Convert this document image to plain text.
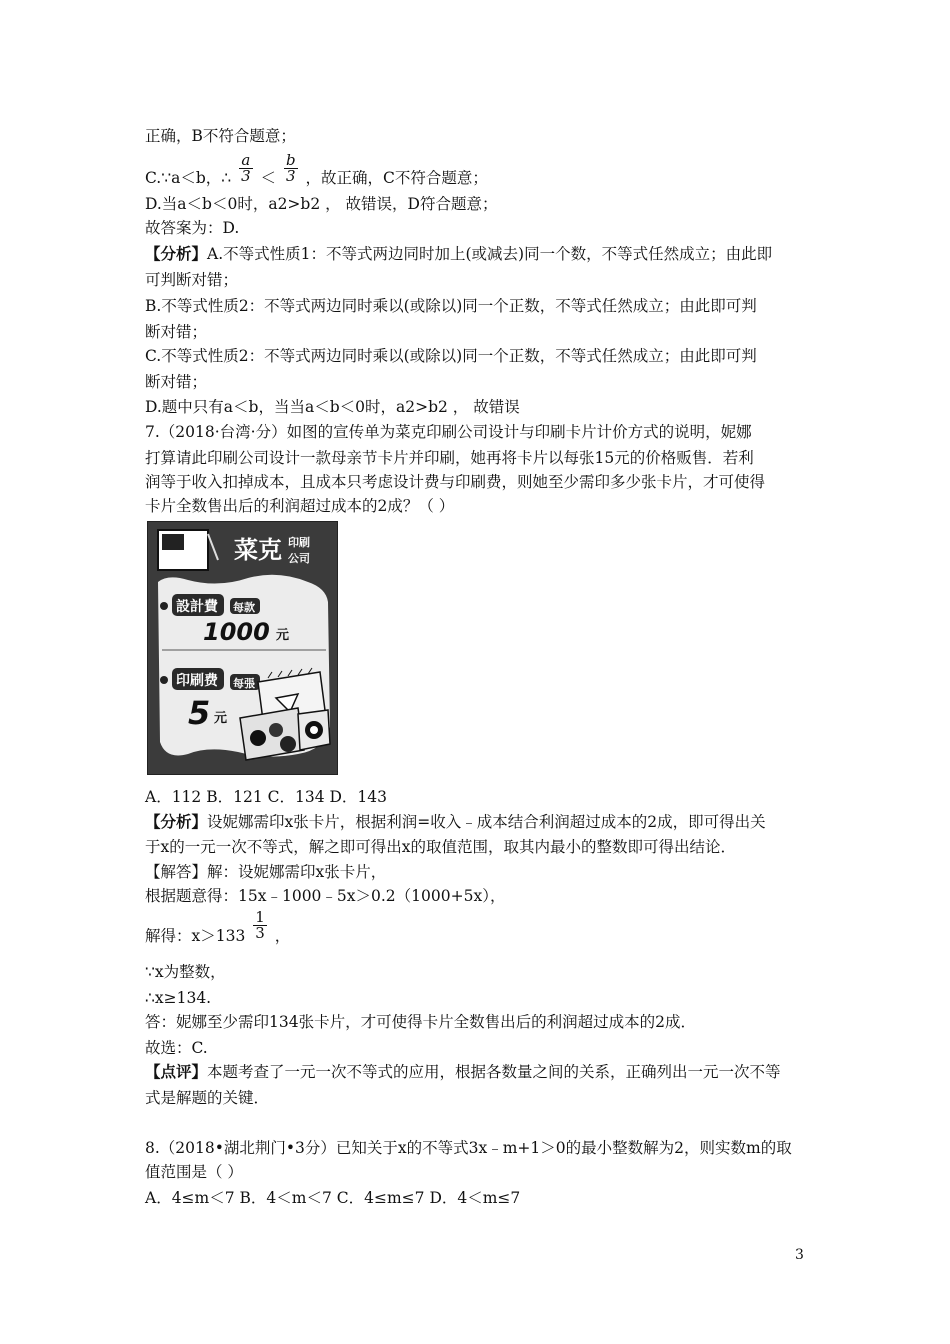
正确，B不符合题意；
C.∵a＜b，∴ $\frac{a}{3} < \frac{b}{3}$ ，故正确，C不符合题意；
D.当a＜b＜0时，a2>b2 ， 故错误，D符合题意；
故答案为：D.
【分析】A.不等式性质1：不等式两边同时加上(或减去)同一个数，不等式任然成立；由此即
可判断对错；
B.不等式性质2：不等式两边同时乘以(或除以)同一个正数，不等式任然成立；由此即可判
断对错；
C.不等式性质2：不等式两边同时乘以(或除以)同一个正数，不等式任然成立；由此即可判
断对错；
D.题中只有a＜b，当当a＜b＜0时，a2>b2 ， 故错误
7.（2018·台湾·分）如图的宣传单为菜克印刷公司设计与印刷卡片计价方式的说明，妮娜
打算请此印刷公司设计一款母亲节卡片并印刷，她再将卡片以每张15元的价格贩售．若利
润等于收入扣掉成本，且成本只考虑设计费与印刷费，则她至少需印多少张卡片，才可使得
卡片全数售出后的利润超过成本的2成？（ ）
菜克 印刷
公司
設計費 每款
1000 元
印刷费 每張
5 元
A．112 B．121 C．134 D．143
【分析】设妮娜需印x张卡片，根据利润=收入﹣成本结合利润超过成本的2成，即可得出关
于x的一元一次不等式，解之即可得出x的取值范围，取其内最小的整数即可得出结论．
【解答】解：设妮娜需印x张卡片，
根据题意得：15x﹣1000﹣5x＞0.2（1000+5x），
解得：$x>133 \frac{1}{3}$ ，
∵x为整数，
∴x≥134.
答：妮娜至少需印134张卡片，才可使得卡片全数售出后的利润超过成本的2成．
故选：C.
【点评】本题考查了一元一次不等式的应用，根据各数量之间的关系，正确列出一元一次不等
式是解题的关键．
8.（2018•湖北荆门•3分）已知关于x的不等式3x﹣m+1＞0的最小整数解为2，则实数m的取
值范围是（ ）
A．4≤m＜7 B．4＜m＜7 C．4≤m≤7 D．4＜m≤7
3
